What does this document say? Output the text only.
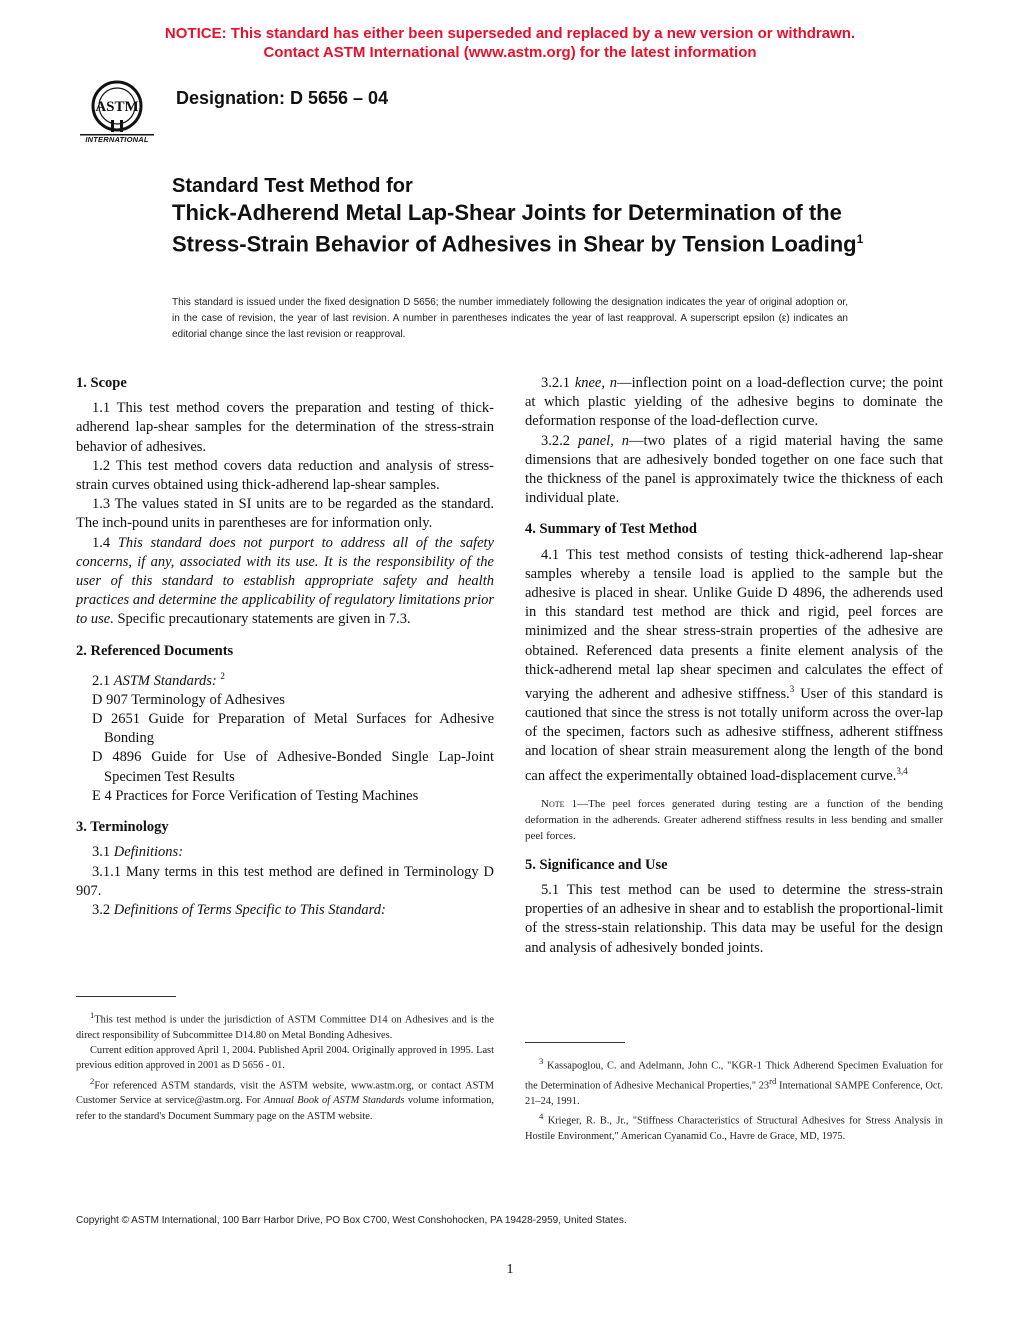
NOTICE: This standard has either been superseded and replaced by a new version or withdrawn.
Contact ASTM International (www.astm.org) for the latest information
ASTM
INTERNATIONAL
Designation: D 5656 – 04
Standard Test Method for
Thick-Adherend Metal Lap-Shear Joints for Determination of the Stress-Strain Behavior of Adhesives in Shear by Tension Loading$^1$
This standard is issued under the fixed designation D 5656; the number immediately following the designation indicates the year of original adoption or, in the case of revision, the year of last revision. A number in parentheses indicates the year of last reapproval. A superscript epsilon (ε) indicates an editorial change since the last revision or reapproval.

1. Scope

1.1 This test method covers the preparation and testing of thick-adherend lap-shear samples for the determination of the stress-strain behavior of adhesives.

1.2 This test method covers data reduction and analysis of stress-strain curves obtained using thick-adherend lap-shear samples.

1.3 The values stated in SI units are to be regarded as the standard. The inch-pound units in parentheses are for information only.

1.4 This standard does not purport to address all of the safety concerns, if any, associated with its use. It is the responsibility of the user of this standard to establish appropriate safety and health practices and determine the applicability of regulatory limitations prior to use. Specific precautionary statements are given in 7.3.

2. Referenced Documents

2.1 ASTM Standards: $^2$

D 907 Terminology of Adhesives

D 2651 Guide for Preparation of Metal Surfaces for Adhesive Bonding

D 4896 Guide for Use of Adhesive-Bonded Single Lap-Joint Specimen Test Results

E 4 Practices for Force Verification of Testing Machines

3. Terminology

3.1 Definitions:

3.1.1 Many terms in this test method are defined in Terminology D 907.

3.2 Definitions of Terms Specific to This Standard:

$^1$This test method is under the jurisdiction of ASTM Committee D14 on Adhesives and is the direct responsibility of Subcommittee D14.80 on Metal Bonding Adhesives.

Current edition approved April 1, 2004. Published April 2004. Originally approved in 1995. Last previous edition approved in 2001 as D 5656 - 01.

$^2$For referenced ASTM standards, visit the ASTM website, www.astm.org, or contact ASTM Customer Service at service@astm.org. For Annual Book of ASTM Standards volume information, refer to the standard's Document Summary page on the ASTM website.

3.2.1 knee, n—inflection point on a load-deflection curve; the point at which plastic yielding of the adhesive begins to dominate the deformation response of the load-deflection curve.

3.2.2 panel, n—two plates of a rigid material having the same dimensions that are adhesively bonded together on one face such that the thickness of the panel is approximately twice the thickness of each individual plate.

4. Summary of Test Method

4.1 This test method consists of testing thick-adherend lap-shear samples whereby a tensile load is applied to the sample but the adhesive is placed in shear. Unlike Guide D 4896, the adherends used in this standard test method are thick and rigid, peel forces are minimized and the shear stress-strain properties of the adhesive are obtained. Referenced data presents a finite element analysis of the thick-adherend metal lap shear specimen and calculates the effect of varying the adherent and adhesive stiffness.$^3$ User of this standard is cautioned that since the stress is not totally uniform across the over-lap of the specimen, factors such as adhesive stiffness, adherent stiffness and location of shear strain measurement along the length of the bond can affect the experimentally obtained load-displacement curve.$^{3,4}$

Note 1—The peel forces generated during testing are a function of the bending deformation in the adherends. Greater adherend stiffness results in less bending and smaller peel forces.

5. Significance and Use

5.1 This test method can be used to determine the stress-strain properties of an adhesive in shear and to establish the proportional-limit of the stress-stain relationship. This data may be useful for the design and analysis of adhesively bonded joints.

$^3$ Kassapoglou, C. and Adelmann, John C., "KGR-1 Thick Adherend Specimen Evaluation for the Determination of Adhesive Mechanical Properties," 23rd International SAMPE Conference, Oct. 21–24, 1991.

$^4$ Krieger, R. B., Jr., "Stiffness Characteristics of Structural Adhesives for Stress Analysis in Hostile Environment," American Cyanamid Co., Havre de Grace, MD, 1975.

Copyright © ASTM International, 100 Barr Harbor Drive, PO Box C700, West Conshohocken, PA 19428-2959, United States.
1
